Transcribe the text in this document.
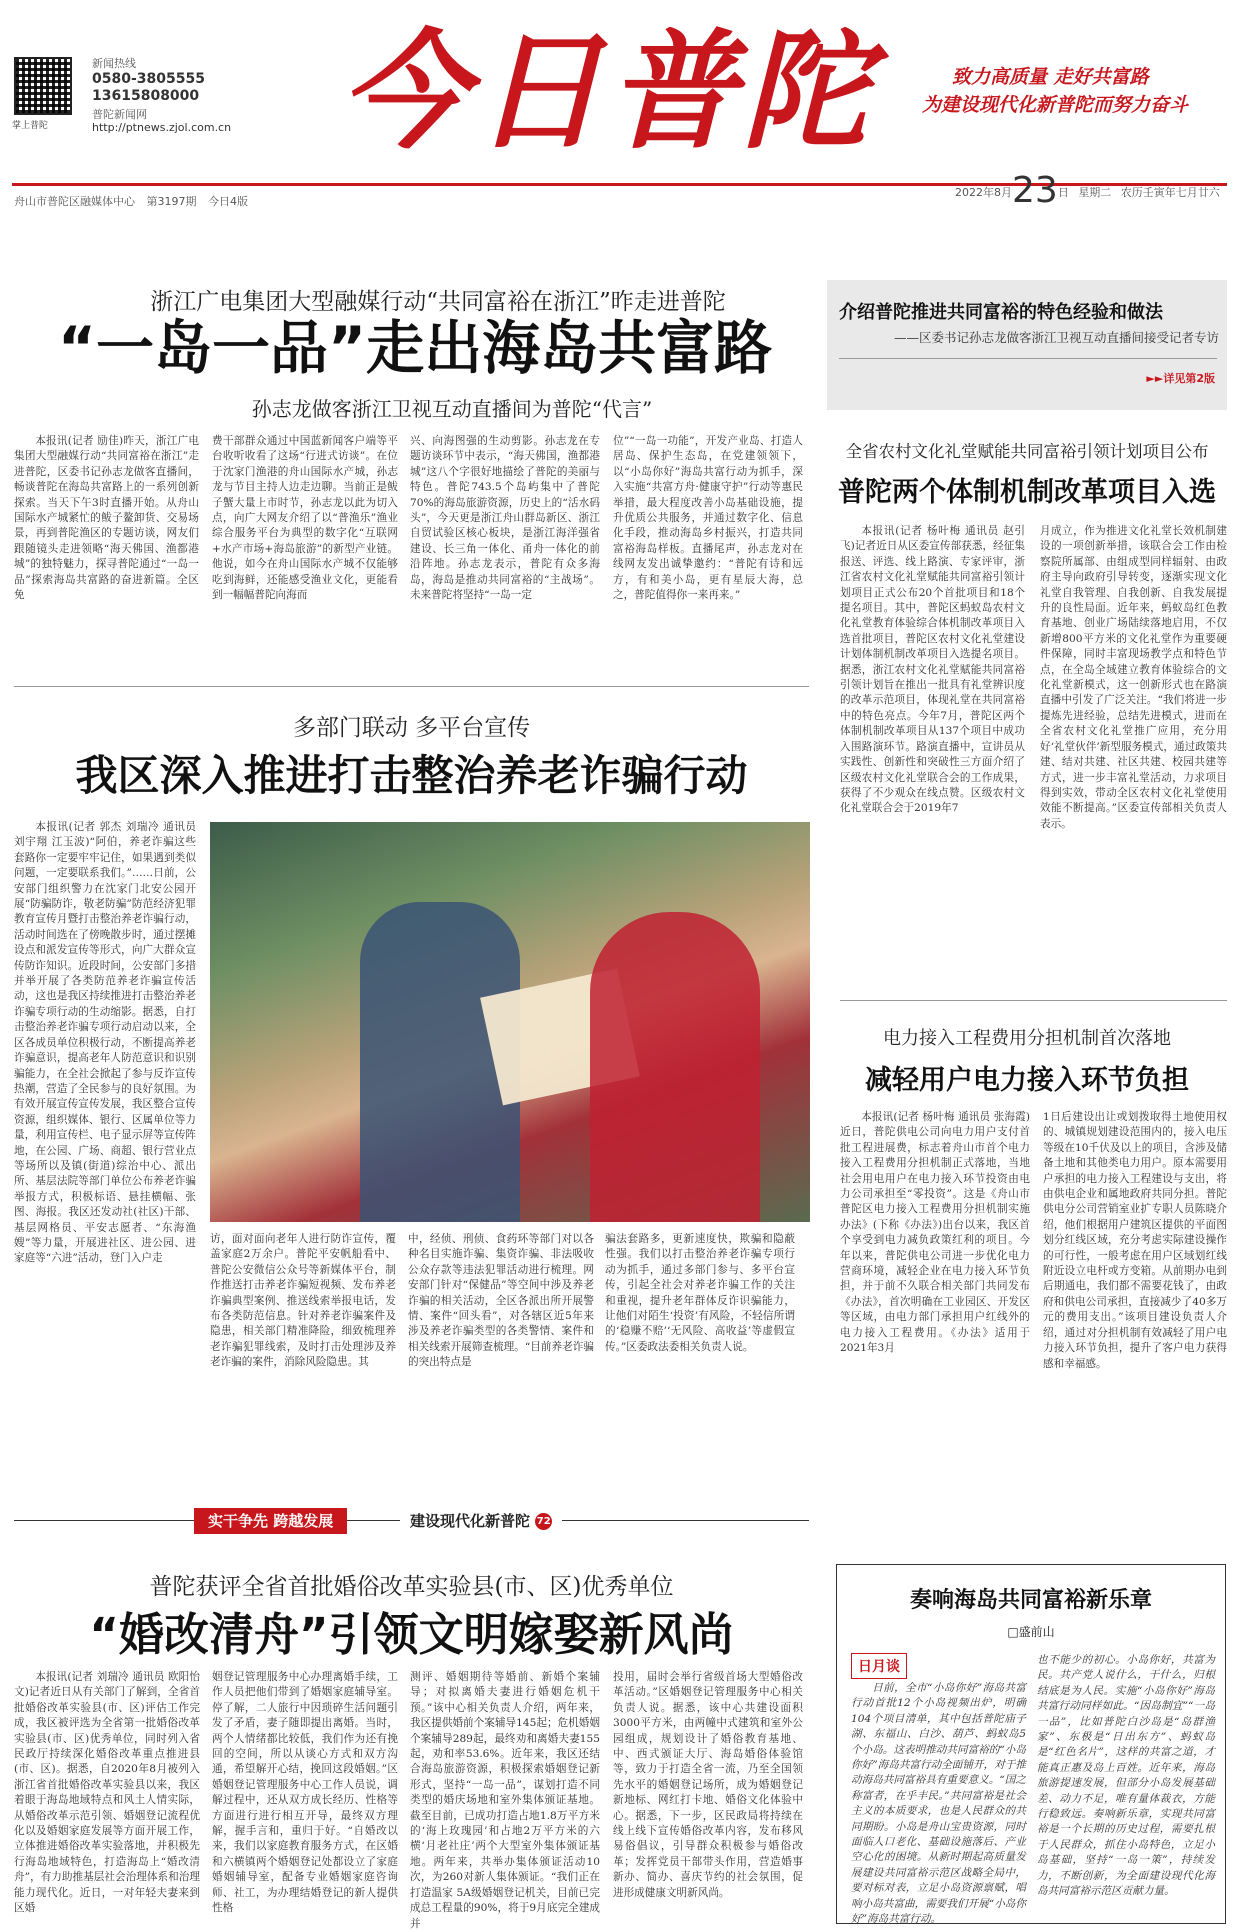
掌上普陀
新闻热线
0580-3805555
13615808000
普陀新闻网
http://ptnews.zjol.com.cn 今日普陀	致力高质量 走好共富路
为建设现代化新普陀而努力奋斗
舟山市普陀区融媒体中心 第3197期 今日4版
2022年8月23日 星期二 农历壬寅年七月廿六
浙江广电集团大型融媒行动“共同富裕在浙江”昨走进普陀
“一岛一品”走出海岛共富路
孙志龙做客浙江卫视互动直播间为普陀“代言”

本报讯(记者 励佳)昨天，浙江广电集团大型融媒行动“共同富裕在浙江”走进普陀，区委书记孙志龙做客直播间，畅谈普陀在海岛共富路上的一系列创新探索。当天下午3时直播开始。从舟山国际水产城紧忙的鲅子鳌卸货、交易场景，再到普陀渔区的专题访谈，网友们跟随镜头走进领略“海天佛国、渔都港城”的独特魅力，探寻普陀通过“一岛一品”探索海岛共富路的奋进新篇。全区免

费干部群众通过中国蓝新闻客户端等平台收听收看了这场“行进式访谈”。在位于沈家门渔港的舟山国际水产城，孙志龙与节目主持人边走边聊。当前正是鲅子蟹大量上市时节，孙志龙以此为切入点，向广大网友介绍了以“普渔乐”渔业综合服务平台为典型的数字化“互联网+水产市场+海岛旅游”的新型产业链。他说，如今在舟山国际水产城不仅能够吃到海鲜，还能感受渔业文化，更能看到一幅幅普陀向海而

兴、向海图强的生动剪影。孙志龙在专题访谈环节中表示，“海天佛国，渔都港城”这八个字很好地描绘了普陀的美丽与特色。普陀743.5个岛屿集中了普陀70%的海岛旅游资源，历史上的“活水码头”，今天更是浙江舟山群岛新区、浙江自贸试验区核心板块，是浙江海洋强省建设、长三角一体化、甬舟一体化的前沿阵地。孙志龙表示，普陀有众多海岛，海岛是推动共同富裕的“主战场”。未来普陀将坚持“一岛一定

位”“一岛一功能”，开发产业岛、打造人居岛、保护生态岛，在党建领领下，以“小岛你好”海岛共富行动为抓手，深入实施“共富方舟·健康守护”行动等惠民举措，最大程度改善小岛基础设施，提升优质公共服务，并通过数字化、信息化手段，推动海岛乡村振兴，打造共同富裕海岛样板。直播尾声，孙志龙对在线网友发出诚挚邀约：“普陀有诗和远方，有和美小岛，更有星辰大海，总之，普陀值得你一来再来。”

介绍普陀推进共同富裕的特色经验和做法
——区委书记孙志龙做客浙江卫视互动直播间接受记者专访
►►详见第2版
全省农村文化礼堂赋能共同富裕引领计划项目公布
普陀两个体制机制改革项目入选

本报讯(记者 杨叶梅 通讯员 赵引飞)记者近日从区委宣传部获悉，经征集报送、评选、线上路演、专家评审，浙江省农村文化礼堂赋能共同富裕引领计划项目正式公布20个首批项目和18个提名项目。其中，普陀区蚂蚁岛农村文化礼堂教育体验综合体机制改革项目入选首批项目，普陀区农村文化礼堂建设计划体制机制改革项目入选提名项目。据悉，浙江农村文化礼堂赋能共同富裕引领计划旨在推出一批具有礼堂辨识度的改革示范项目，体现礼堂在共同富裕中的特色亮点。今年7月，普陀区两个体制机制改革项目从137个项目中成功入围路演环节。路演直播中，宣讲员从实践性、创新性和突破性三方面介绍了区级农村文化礼堂联合会的工作成果，获得了不少观众在线点赞。区级农村文化礼堂联合会于2019年7

月成立，作为推进文化礼堂长效机制建设的一项创新举措，该联合会工作由检察院所属部、由组成型同样辐射、由政府主导向政府引导转变，逐渐实现文化礼堂自我管理、自我创新、自我发展提升的良性局面。近年来，蚂蚁岛红色教育基地、创业广场陆续落地启用，不仅新增800平方米的文化礼堂作为重要硬件保障，同时丰富现场教学点和特色节点，在全岛全域建立教育体验综合的文化礼堂新模式，这一创新形式也在路演直播中引发了广泛关注。“我们将进一步提炼先进经验，总结先进模式，进而在全省农村文化礼堂推广应用，充分用好‘礼堂伙伴’新型服务模式，通过政策共建、结对共建、社区共建、校园共建等方式，进一步丰富礼堂活动，力求项目得到实效，带动全区农村文化礼堂使用效能不断提高。”区委宣传部相关负责人表示。

多部门联动 多平台宣传
我区深入推进打击整治养老诈骗行动

本报讯(记者 郭杰 刘瑞冷 通讯员 刘宇翔 江玉波)“阿伯，养老诈骗这些套路你一定要牢牢记住，如果遇到类似问题，一定要联系我们。”……日前，公安部门组织警力在沈家门北安公园开展“防骗防诈，敬老防骗”防范经济犯罪教育宣传月暨打击整治养老诈骗行动，活动时间选在了傍晚散步时，通过摆摊设点和派发宣传等形式，向广大群众宣传防诈知识。近段时间，公安部门多措并举开展了各类防范养老诈骗宣传活动，这也是我区持续推进打击整治养老诈骗专项行动的生动缩影。据悉，自打击整治养老诈骗专项行动启动以来，全区各成员单位积极行动，不断提高养老诈骗意识，提高老年人防范意识和识别骗能力，在全社会掀起了参与反诈宣传热潮，营造了全民参与的良好氛围。为有效开展宣传宣传发展，我区整合宣传资源，组织媒体、银行、区属单位等力量，利用宣传栏、电子显示屏等宣传阵地，在公园、广场、商超、银行营业点等场所以及镇(街道)综治中心、派出所、基层法院等部门单位公布养老诈骗举报方式，积极标语、悬挂横幅、张图、海报。我区还发动社(社区)干部、基层网格员、平安志愿者、“东海渔嫂”等力量，开展进社区、进公园、进家庭等“六进”活动，登门入户走

访，面对面向老年人进行防诈宣传，覆盖家庭2万余户。普陀平安帆船看中、普陀公安微信公众号等新媒体平台，制作推送打击养老诈骗短视频、发布养老诈骗典型案例、推送线索举报电话，发布各类防范信息。针对养老诈骗案件及隐患，相关部门精准降险，细致梳理养老诈骗犯罪线索，及时打击处理涉及养老诈骗的案件，消除风险隐患。其

中，经侦、刑侦、食药环等部门对以各种名目实施诈骗、集资诈骗、非法吸收公众存款等违法犯罪活动进行梳理。网安部门针对“保健品”等空间中涉及养老诈骗的相关活动，全区各派出所开展警情、案件“回头看”，对各辖区近5年来涉及养老诈骗类型的各类警情、案件和相关线索开展筛查梳理。“目前养老诈骗的突出特点是

骗法套路多，更新速度快，欺骗和隐蔽性强。我们以打击整治养老诈骗专项行动为抓手，通过多部门参与、多平台宣传，引起全社会对养老诈骗工作的关注和重视，提升老年群体反诈识骗能力，让他们对陌生‘投资’有风险，不轻信所谓的‘稳赚不赔’‘无风险、高收益’等虚假宣传。”区委政法委相关负责人说。

电力接入工程费用分担机制首次落地
减轻用户电力接入环节负担

本报讯(记者 杨叶梅 通讯员 张海霞)近日，普陀供电公司向电力用户支付首批工程进展费，标志着舟山市首个电力接入工程费用分担机制正式落地，当地社会用电用户在电力接入环节投资由电力公司承担至“零投资”。这是《舟山市普陀区电力接入工程费用分担机制实施办法》(下称《办法》)出台以来，我区首个享受到电力减负政策红利的项目。今年以来，普陀供电公司进一步优化电力营商环境，减轻企业在电力接入环节负担，并于前不久联合相关部门共同发布《办法》，首次明确在工业园区、开发区等区域，由电力部门承担用户红线外的电力接入工程费用。《办法》适用于2021年3月

1日后建设出让或划拨取得土地使用权的、城镇规划建设范围内的，接入电压等级在10千伏及以上的项目，含涉及储备土地和其他类电力用户。原本需要用户承担的电力接入工程建设与支出，将由供电企业和属地政府共同分担。普陀供电分公司营销室业扩专职人员陈晓介绍，他们根据用户建筑区提供的平面图划分红线区域，充分考虑实际建设操作的可行性，一般考虑在用户区域划红线附近设立电杆或方变箱。从前期办电到后期通电，我们都不需要花钱了，由政府和供电公司承担，直接减少了40多万元的费用支出。”该项目建设负责人介绍，通过对分担机制有效减轻了用户电力接入环节负担，提升了客户电力获得感和幸福感。

实干争先 跨越发展	建设现代化新普陀 72
普陀获评全省首批婚俗改革实验县(市、区)优秀单位
“婚改清舟”引领文明嫁娶新风尚

本报讯(记者 刘瑞冷 通讯员 欧阳怡文)记者近日从有关部门了解到，全省首批婚俗改革实验县(市、区)评估工作完成，我区被评选为全省第一批婚俗改革实验县(市、区)优秀单位，同时列入省民政厅持续深化婚俗改革重点推进县(市、区)。据悉，自2020年8月被列入浙江省首批婚俗改革实验县以来，我区着眼于海岛地域特点和风土人情实际，从婚俗改革示范引领、婚姻登记流程优化以及婚姻家庭发展等方面开展工作，立体推进婚俗改革实验落地，并积极先行海岛地域特色，打造海岛上“婚改清舟”，有力助推基层社会治理体系和治理能力现代化。近日，一对年轻夫妻来到区婚

姻登记管理服务中心办理离婚手续，工作人员把他们带到了婚姻家庭辅导室。停了解，二人旅行中因琐碎生活问题引发了矛盾，妻子随即提出离婚。当时，两个人情绪都比较低，我们作为还有挽回的空间，所以从谈心方式和双方沟通，希望解开心结，挽回这段婚姻。”区婚姻登记管理服务中心工作人员说，调解过程中，还从双方成长经历、性格等方面进行进行相互开导，最终双方理解，握手言和，重归于好。“自婚改以来，我们以家庭教育服务方式，在区婚和六横镇两个婚姻登记处都设立了家庭婚姻辅导室，配备专业婚姻家庭咨询师、社工，为办理结婚登记的新人提供性格

测评、婚姻期待等婚前、新婚个案辅导；对拟离婚夫妻进行婚姻危机干预。”该中心相关负责人介绍，两年来，我区提供婚前个案辅导145起；危机婚姻个案辅导289起，最终劝和离婚夫妻155起，劝和率53.6%。近年来，我区还结合海岛旅游资源，积极探索婚姻登记新形式，坚持“一岛一品”，谋划打造不同类型的婚庆场地和室外集体颁证基地。截至目前，已成功打造占地1.8万平方米的‘海上玫瑰园’和占地2万平方米的六横‘月老社庄’两个大型室外集体颁证基地。两年来，共举办集体颁证活动10次，为260对新人集体颁证。“我们正在打造温家 5A级婚姻登记机关，目前已完成总工程量的90%，将于9月底完全建成并

投用，届时会举行省级首场大型婚俗改革活动。”区婚姻登记管理服务中心相关负责人说。据悉，该中心共建设面积3000平方米，由两幢中式建筑和室外公园组成，规划设计了婚俗教育基地、中、西式颁证大厅、海岛婚俗体验馆等，致力于打造全省一流，乃至全国领先水平的婚姻登记场所，成为婚姻登记新地标、网红打卡地、婚俗文化体验中心。据悉，下一步，区民政局将持续在线上线下宣传婚俗改革内容，发布移风易俗倡议，引导群众积极参与婚俗改革；发挥党员干部带头作用，营造婚事新办、简办、喜庆节约的社会氛围，促进形成健康文明新风尚。

奏响海岛共同富裕新乐章
□盛前山
日月谈

日前，全市“小岛你好”海岛共富行动首批12个小岛视频出炉，明确104个项目清单，其中包括普陀庙子湖、东福山、白沙、葫芦、蚂蚁岛5个小岛。这表明推动共同富裕的“小岛你好”海岛共富行动全面铺开，对于推动海岛共同富裕具有重要意义。“国之称富者，在乎丰民。”共同富裕是社会主义的本质要求，也是人民群众的共同期盼。小岛是舟山宝贵资源，同时面临人口老化、基础设施落后、产业空心化的困境。从新时期起高质量发展建设共同富裕示范区战略全局中，要对标对表，立足小岛资源禀赋，唱响小岛共富曲，需要我们开展“小岛你好”海岛共富行动。

也不能少的初心。小岛你好，共富为民。共产党人说什么，干什么，归根结底是为人民。实施“小岛你好”海岛共富行动同样如此。“因岛制宜”“一岛一品”，比如普陀白沙岛是“岛群渔家”、东极是“日出东方”、蚂蚁岛是“红色名片”，这样的共富之道，才能真正惠及岛上百姓。近年来，海岛旅游提速发展，但部分小岛发展基础差、动力不足，唯有量体裁衣，方能行稳致远。奏响新乐章，实现共同富裕是一个长期的历史过程，需要扎根于人民群众，抓住小岛特色，立足小岛基础，坚持“一岛一策”，持续发力，不断创新，为全面建设现代化海岛共同富裕示范区贡献力量。
